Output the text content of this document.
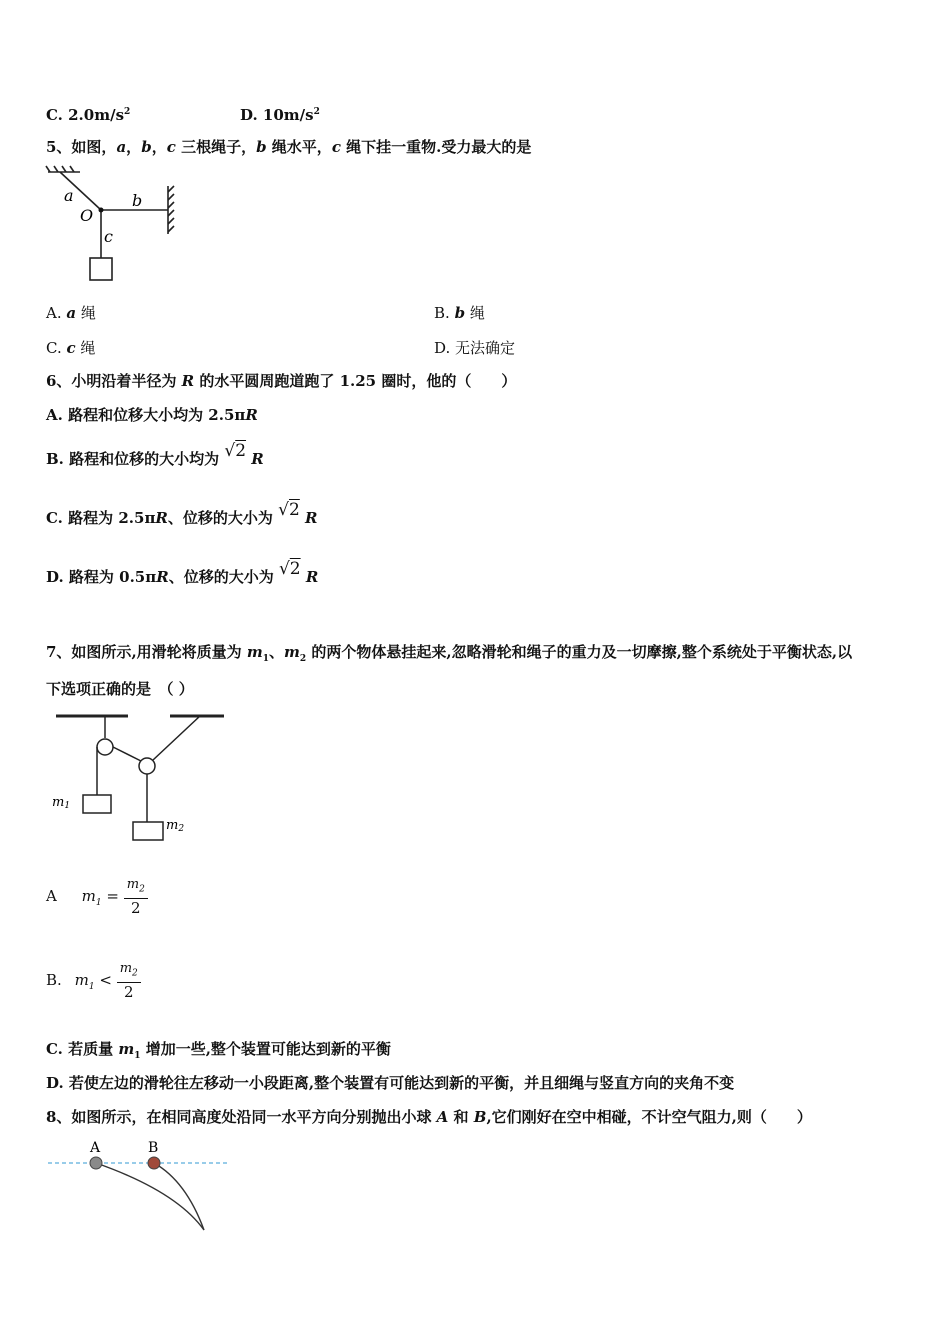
C. $2.0m/s^2$	D. $10m/s^2$
5、如图，a，b，c 三根绳子，b 绳水平，c 绳下挂一重物.受力最大的是
a	b
O
c
A. a 绳	B. b 绳
C. c 绳	D. 无法确定
6、小明沿着半径为 R 的水平圆周跑道跑了 1.25 圈时，他的（　　）
A. 路程和位移大小均为 2.5πR
B. 路程和位移的大小均为 √2 R
C. 路程为 2.5πR、位移的大小为 √2 R
D. 路程为 0.5πR、位移的大小为 √2 R
7、如图所示,用滑轮将质量为 $m_1$、$m_2$ 的两个物体悬挂起来,忽略滑轮和绳子的重力及一切摩擦,整个系统处于平衡状态,以
下选项正确的是　（ ）
m1
m2
A $m_1 = \frac{m_2}{2}$
B. $m_1 < \frac{m_2}{2}$
C. 若质量 $m_1$ 增加一些,整个装置可能达到新的平衡
D. 若使左边的滑轮往左移动一小段距离,整个装置有可能达到新的平衡，并且细绳与竖直方向的夹角不变
8、如图所示，在相同高度处沿同一水平方向分别抛出小球 A 和 B,它们刚好在空中相碰，不计空气阻力,则（　　）
A	B
